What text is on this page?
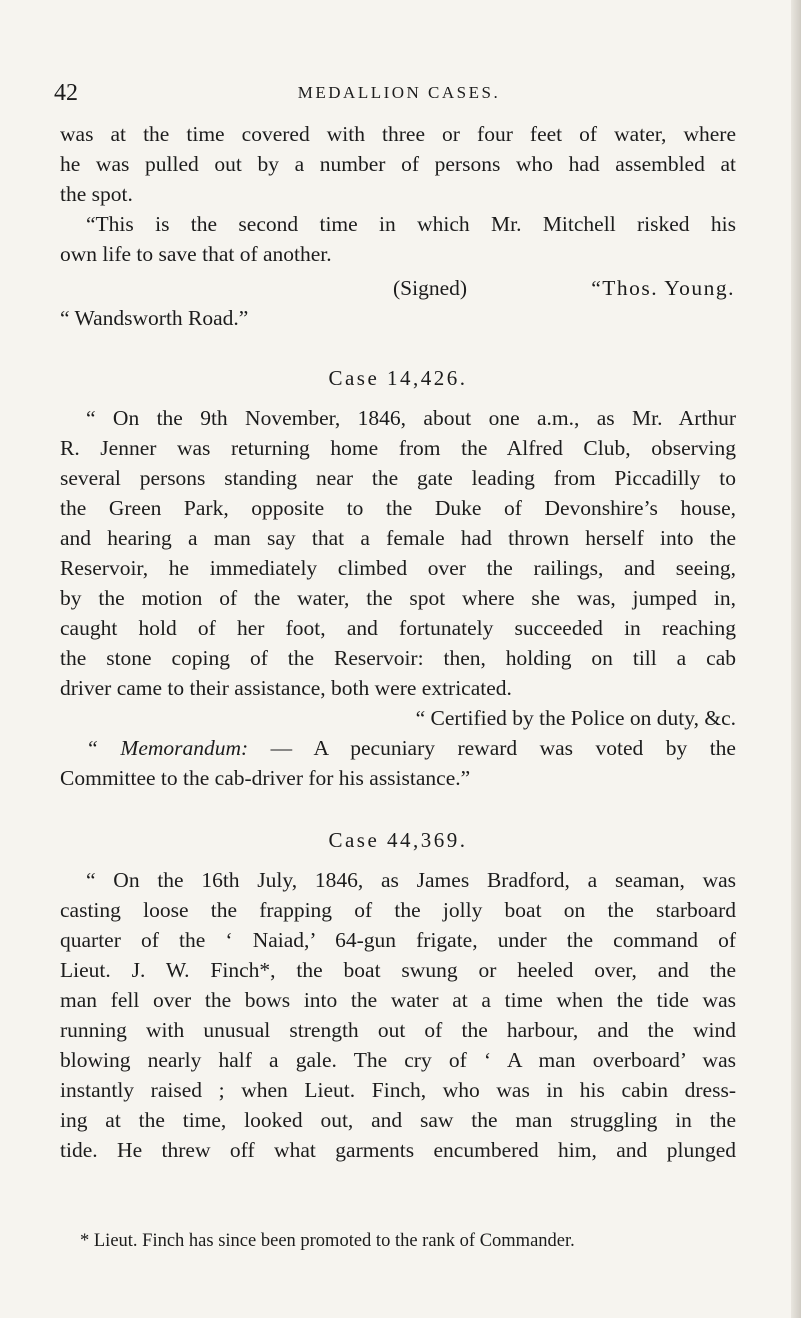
42	MEDALLION CASES.
was at the time covered with three or four feet of water, where
he was pulled out by a number of persons who had assembled at
the spot.
“This is the second time in which Mr. Mitchell risked his
own life to save that of another.
(Signed)	“Thos. Young.
“ Wandsworth Road.”
Case 14,426.
“ On the 9th November, 1846, about one a.m., as Mr. Arthur
R. Jenner was returning home from the Alfred Club, observing
several persons standing near the gate leading from Piccadilly to
the Green Park, opposite to the Duke of Devonshire’s house,
and hearing a man say that a female had thrown herself into the
Reservoir, he immediately climbed over the railings, and seeing,
by the motion of the water, the spot where she was, jumped in,
caught hold of her foot, and fortunately succeeded in reaching
the stone coping of the Reservoir: then, holding on till a cab
driver came to their assistance, both were extricated.
“ Certified by the Police on duty, &c.
“ Memorandum: — A pecuniary reward was voted by the
Committee to the cab-driver for his assistance.”
Case 44,369.
“ On the 16th July, 1846, as James Bradford, a seaman, was
casting loose the frapping of the jolly boat on the starboard
quarter of the ‘ Naiad,’ 64-gun frigate, under the command of
Lieut. J. W. Finch*, the boat swung or heeled over, and the
man fell over the bows into the water at a time when the tide was
running with unusual strength out of the harbour, and the wind
blowing nearly half a gale. The cry of ‘ A man overboard’ was
instantly raised ; when Lieut. Finch, who was in his cabin dress-
ing at the time, looked out, and saw the man struggling in the
tide. He threw off what garments encumbered him, and plunged
* Lieut. Finch has since been promoted to the rank of Commander.
